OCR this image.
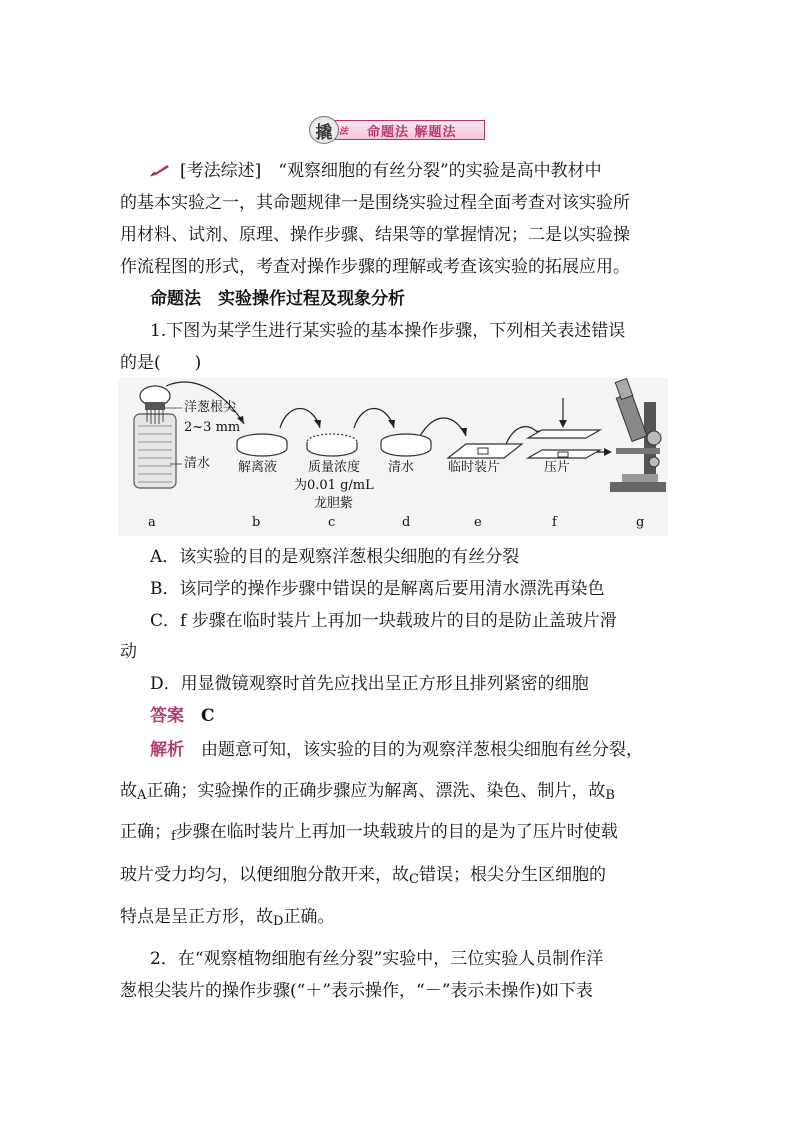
撬 法 命题法 解题法
[考法综述]　 “观察细胞的有丝分裂”的实验是高中教材中
的基本实验之一，其命题规律一是围绕实验过程全面考查对该实验所
用材料、试剂、原理、操作步骤、结果等的掌握情况；二是以实验操
作流程图的形式，考查对操作步骤的理解或考查该实验的拓展应用。
命题法　实验操作过程及现象分析
1.下图为某学生进行某实验的基本操作步骤，下列相关表述错误
的是(　　)
洋葱根尖
2~3 mm
清水 解离液 质量浓度
为0.01 g/mL
龙胆紫
清水	临时装片	压片
a	b	c	d	e	f	g
A．该实验的目的是观察洋葱根尖细胞的有丝分裂
B．该同学的操作步骤中错误的是解离后要用清水漂洗再染色
C．f 步骤在临时装片上再加一块载玻片的目的是防止盖玻片滑
动
D．用显微镜观察时首先应找出呈正方形且排列紧密的细胞
答案　 C
解析　 由题意可知，该实验的目的为观察洋葱根尖细胞有丝分裂，
故A正确；实验操作的正确步骤应为解离、漂洗、染色、制片，故B
正确；f步骤在临时装片上再加一块载玻片的目的是为了压片时使载
玻片受力均匀，以便细胞分散开来，故C错误；根尖分生区细胞的
特点是呈正方形，故D正确。
2．在“观察植物细胞有丝分裂”实验中，三位实验人员制作洋
葱根尖装片的操作步骤(“＋”表示操作，“－”表示未操作)如下表
